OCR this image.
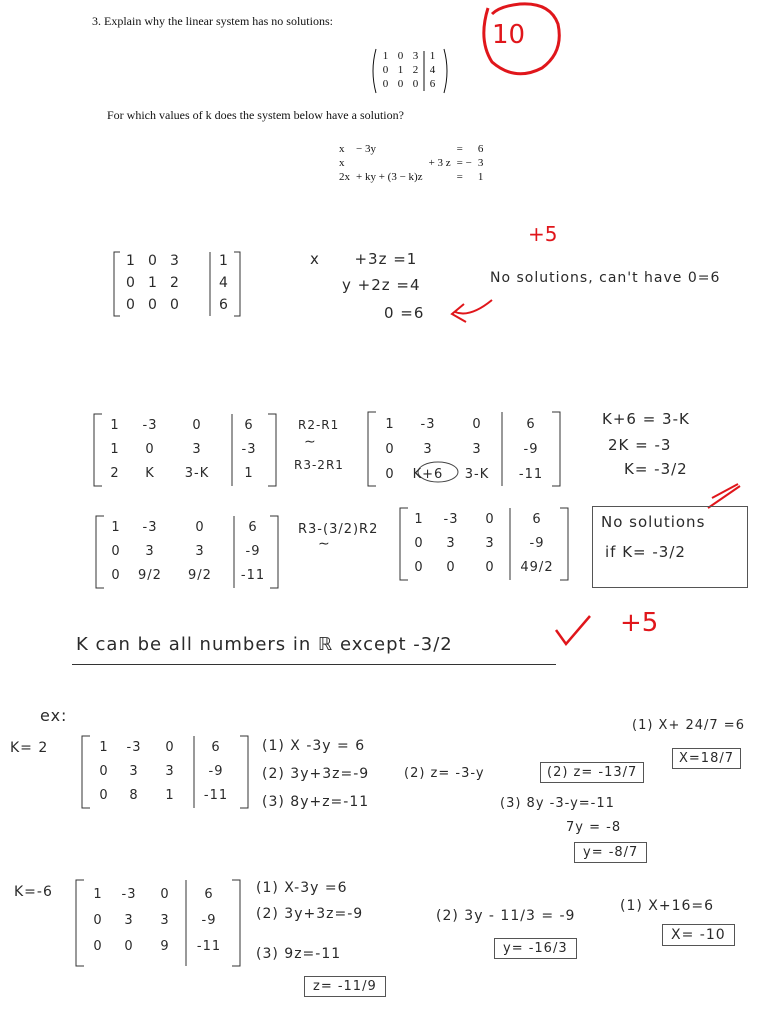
3. Explain why the linear system has no solutions:
1 0 3	1
0 1 2	4
0 0 0	6
For which values of k does the system below have a solution?
x	− 3y		=	6
x		+ 3 z	= −	3
2x	+ ky + (3 − k)z		=	1
10
+5
+5
1 0 3	1
0 1 2	4
0 0 0	6
x      +3z =1
y +2z =4
0 =6
No solutions, can't have 0=6
1	-3	0	6
1	0	3	-3
2	K	3-K	1
R2-R1
∼
R3-2R1
1	-3	0	6
0	3	3	-9
0	K+6	3-K	-11
K+6 = 3-K
2K = -3
K= -3/2
1	-3	0	6
0	3	3	-9
0	9/2	9/2	-11
R3-(3/2)R2
∼
1	-3	0	6
0	3	3	-9
0	0	0	49/2
No solutions
if K= -3/2
K can be all numbers in ℝ except -3/2
ex:
K= 2	1	-3	0	6
0	3	3	-9
0	8	1	-11
(1) X -3y = 6
(2) 3y+3z=-9
(3) 8y+z=-11
(2) z= -3-y	(2) z= -13/7
(1) X+ 24/7 =6
X=18/7
(3) 8y -3-y=-11
7y = -8
y= -8/7
K=-6	1	-3	0	6
0	3	3	-9
0	0	9	-11
(1) X-3y =6
(2) 3y+3z=-9
(3) 9z=-11
z= -11/9
(2) 3y - 11/3 = -9
y= -16/3
(1) X+16=6
X= -10
